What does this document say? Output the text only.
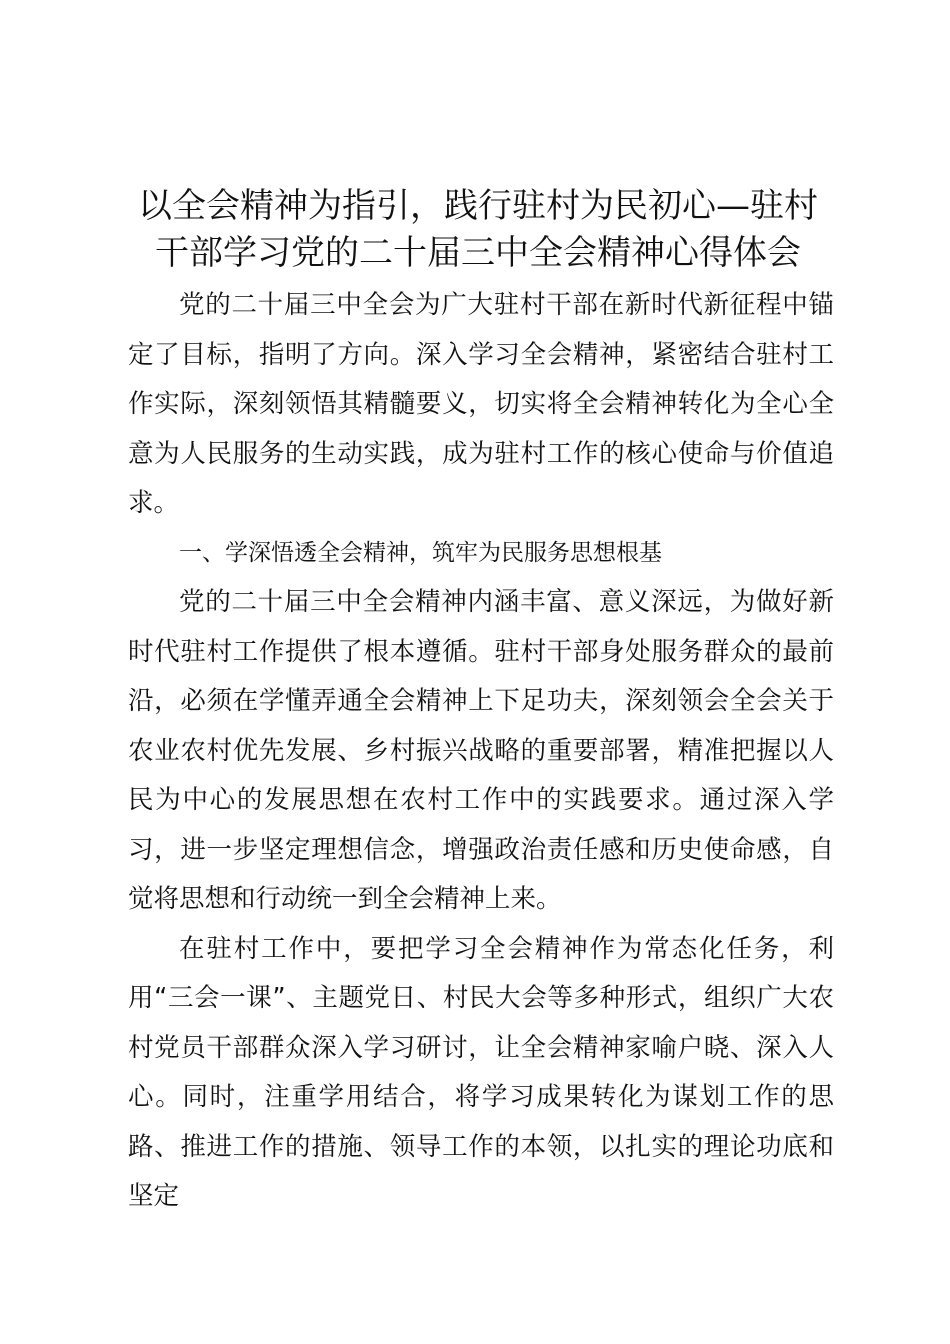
以全会精神为指引，践行驻村为民初心—驻村
干部学习党的二十届三中全会精神心得体会

党的二十届三中全会为广大驻村干部在新时代新征程中锚定了目标，指明了方向。深入学习全会精神，紧密结合驻村工作实际，深刻领悟其精髓要义，切实将全会精神转化为全心全意为人民服务的生动实践，成为驻村工作的核心使命与价值追求。

一、学深悟透全会精神，筑牢为民服务思想根基

党的二十届三中全会精神内涵丰富、意义深远，为做好新时代驻村工作提供了根本遵循。驻村干部身处服务群众的最前沿，必须在学懂弄通全会精神上下足功夫，深刻领会全会关于农业农村优先发展、乡村振兴战略的重要部署，精准把握以人民为中心的发展思想在农村工作中的实践要求。通过深入学习，进一步坚定理想信念，增强政治责任感和历史使命感，自觉将思想和行动统一到全会精神上来。

在驻村工作中，要把学习全会精神作为常态化任务，利用“三会一课”、主题党日、村民大会等多种形式，组织广大农村党员干部群众深入学习研讨，让全会精神家喻户晓、深入人心。同时，注重学用结合，将学习成果转化为谋划工作的思路、推进工作的措施、领导工作的本领，以扎实的理论功底和坚定
